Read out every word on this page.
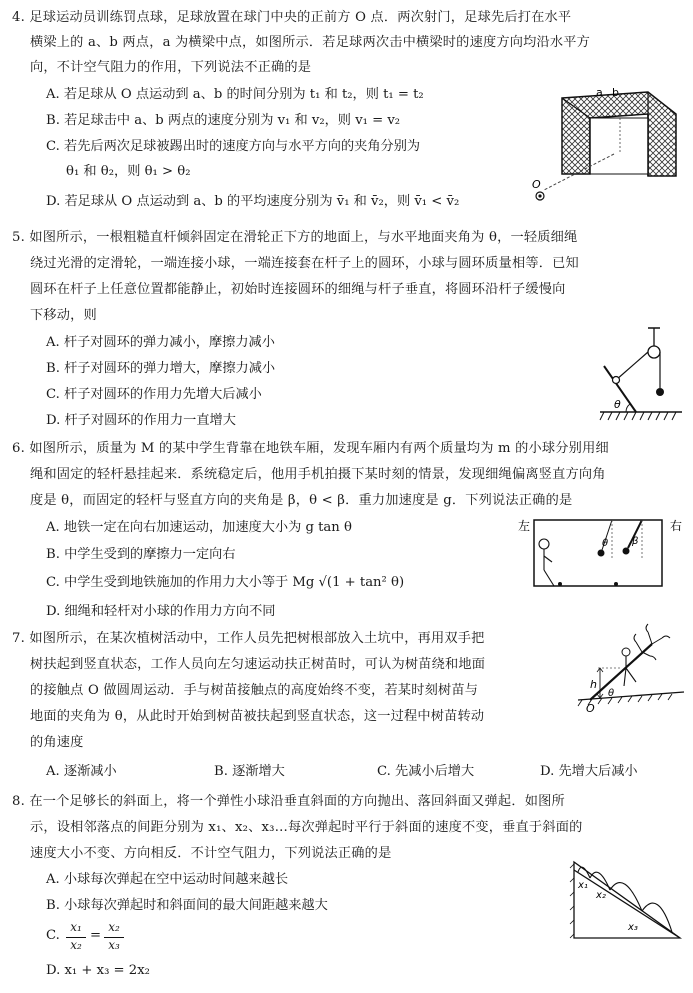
4. 足球运动员训练罚点球，足球放置在球门中央的正前方 O 点．两次射门，足球先后打在水平
横梁上的 a、b 两点，a 为横梁中点，如图所示．若足球两次击中横梁时的速度方向均沿水平方
向，不计空气阻力的作用，下列说法不正确的是
A. 若足球从 O 点运动到 a、b 的时间分别为 t₁ 和 t₂，则 t₁ = t₂
B. 若足球击中 a、b 两点的速度分别为 v₁ 和 v₂，则 v₁ = v₂
C. 若先后两次足球被踢出时的速度方向与水平方向的夹角分别为
θ₁ 和 θ₂，则 θ₁ > θ₂
D. 若足球从 O 点运动到 a、b 的平均速度分别为 v̄₁ 和 v̄₂，则 v̄₁ < v̄₂
a b
O
5. 如图所示，一根粗糙直杆倾斜固定在滑轮正下方的地面上，与水平地面夹角为 θ，一轻质细绳
绕过光滑的定滑轮，一端连接小球，一端连接套在杆子上的圆环，小球与圆环质量相等．已知
圆环在杆子上任意位置都能静止，初始时连接圆环的细绳与杆子垂直，将圆环沿杆子缓慢向
下移动，则
A. 杆子对圆环的弹力减小，摩擦力减小
B. 杆子对圆环的弹力增大，摩擦力减小
C. 杆子对圆环的作用力先增大后减小
D. 杆子对圆环的作用力一直增大
θ
6. 如图所示，质量为 M 的某中学生背靠在地铁车厢，发现车厢内有两个质量均为 m 的小球分别用细
绳和固定的轻杆悬挂起来．系统稳定后，他用手机拍摄下某时刻的情景，发现细绳偏离竖直方向角
度是 θ，而固定的轻杆与竖直方向的夹角是 β，θ < β．重力加速度是 g．下列说法正确的是
A. 地铁一定在向右加速运动，加速度大小为 g tan θ
B. 中学生受到的摩擦力一定向右
C. 中学生受到地铁施加的作用力大小等于 Mg √(1 + tan² θ)
D. 细绳和轻杆对小球的作用力方向不同
左	右
θ β
7. 如图所示，在某次植树活动中，工作人员先把树根部放入土坑中，再用双手把
树扶起到竖直状态，工作人员向左匀速运动扶正树苗时，可认为树苗绕和地面
的接触点 O 做圆周运动．手与树苗接触点的高度始终不变，若某时刻树苗与
地面的夹角为 θ，从此时开始到树苗被扶起到竖直状态，这一过程中树苗转动
的角速度
A. 逐渐减小	B. 逐渐增大	C. 先减小后增大	D. 先增大后减小
h
θ
O
8. 在一个足够长的斜面上，将一个弹性小球沿垂直斜面的方向抛出、落回斜面又弹起．如图所
示，设相邻落点的间距分别为 x₁、x₂、x₃…每次弹起时平行于斜面的速度不变，垂直于斜面的
速度大小不变、方向相反．不计空气阻力，下列说法正确的是
A. 小球每次弹起在空中运动时间越来越长
B. 小球每次弹起时和斜面间的最大间距越来越大
C.
x₁
x₂
=
x₂
x₃
D. x₁ + x₃ = 2x₂
x₁
x₂
x₃
